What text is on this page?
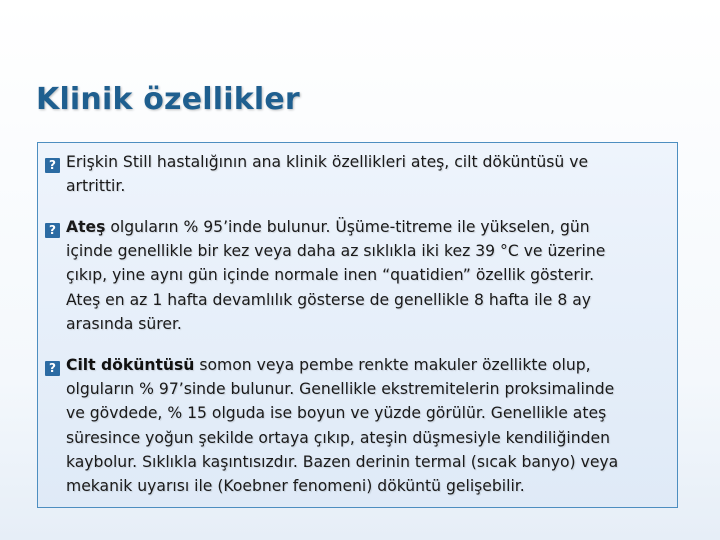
Klinik özellikler
? Erişkin Still hastalığının ana klinik özellikleri ateş, cilt döküntüsü ve
artrittir.
? Ateş olguların % 95’inde bulunur. Üşüme-titreme ile yükselen, gün
içinde genellikle bir kez veya daha az sıklıkla iki kez 39 °C ve üzerine
çıkıp, yine aynı gün içinde normale inen “quatidien” özellik gösterir.
Ateş en az 1 hafta devamlılık gösterse de genellikle 8 hafta ile 8 ay
arasında sürer.
? Cilt döküntüsü somon veya pembe renkte makuler özellikte olup,
olguların % 97’sinde bulunur. Genellikle ekstremitelerin proksimalinde
ve gövdede, % 15 olguda ise boyun ve yüzde görülür. Genellikle ateş
süresince yoğun şekilde ortaya çıkıp, ateşin düşmesiyle kendiliğinden
kaybolur. Sıklıkla kaşıntısızdır. Bazen derinin termal (sıcak banyo) veya
mekanik uyarısı ile (Koebner fenomeni) döküntü gelişebilir.
